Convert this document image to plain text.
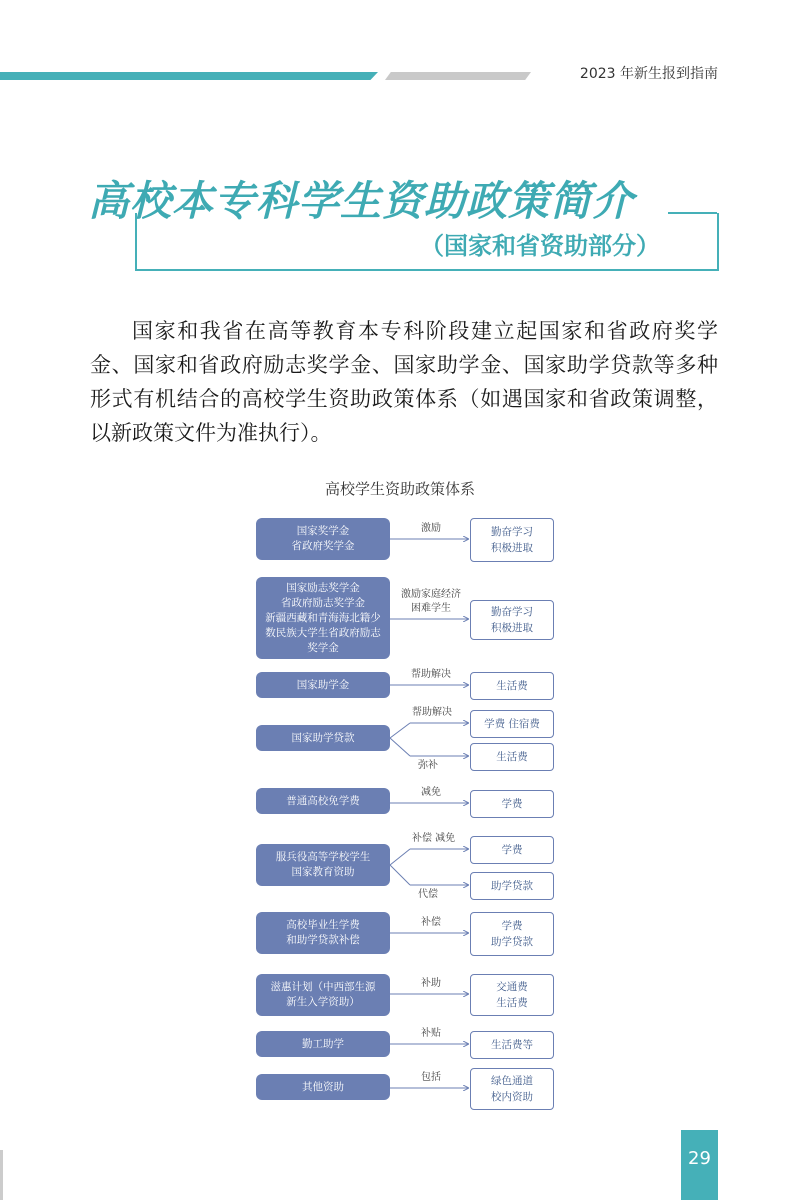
2023 年新生报到指南
高校本专科学生资助政策简介
（国家和省资助部分）
国家和我省在高等教育本专科阶段建立起国家和省政府奖学金、国家和省政府励志奖学金、国家助学金、国家助学贷款等多种形式有机结合的高校学生资助政策体系（如遇国家和省政策调整，以新政策文件为准执行）。
高校学生资助政策体系
国家奖学金
省政府奖学金
勤奋学习
积极进取
激励
国家励志奖学金
省政府励志奖学金
新疆西藏和青海海北籍少
数民族大学生省政府励志
奖学金
勤奋学习
积极进取
激励家庭经济
困难学生
国家助学金	生活费
帮助解决
国家助学贷款
学费 住宿费
生活费
帮助解决
弥补
普通高校免学费	学费
减免
服兵役高等学校学生
国家教育资助
学费
助学贷款
补偿 减免
代偿
高校毕业生学费
和助学贷款补偿
学费
助学贷款
补偿
滋惠计划（中西部生源
新生入学资助）
交通费
生活费
补助
勤工助学	生活费等
补贴
其他资助	绿色通道
校内资助
包括
29
